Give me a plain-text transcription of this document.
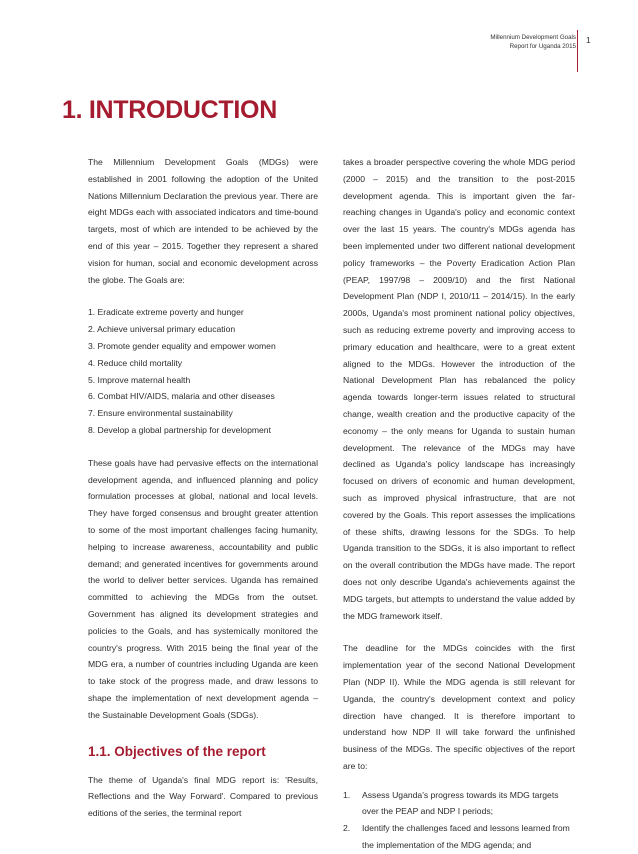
Millennium Development Goals
Report for Uganda 2015
1
1. INTRODUCTION

The Millennium Development Goals (MDGs) were established in 2001 following the adoption of the United Nations Millennium Declaration the previous year. There are eight MDGs each with associated indicators and time-bound targets, most of which are intended to be achieved by the end of this year – 2015. Together they represent a shared vision for human, social and economic development across the globe. The Goals are:

1. Eradicate extreme poverty and hunger
2. Achieve universal primary education
3. Promote gender equality and empower women
4. Reduce child mortality
5. Improve maternal health
6. Combat HIV/AIDS, malaria and other diseases
7. Ensure environmental sustainability
8. Develop a global partnership for development

These goals have had pervasive effects on the international development agenda, and influenced planning and policy formulation processes at global, national and local levels. They have forged consensus and brought greater attention to some of the most important challenges facing humanity, helping to increase awareness, accountability and public demand; and generated incentives for governments around the world to deliver better services. Uganda has remained committed to achieving the MDGs from the outset. Government has aligned its development strategies and policies to the Goals, and has systemically monitored the country's progress. With 2015 being the final year of the MDG era, a number of countries including Uganda are keen to take stock of the progress made, and draw lessons to shape the implementation of next development agenda – the Sustainable Development Goals (SDGs).

1.1. Objectives of the report

The theme of Uganda's final MDG report is: 'Results, Reflections and the Way Forward'. Compared to previous editions of the series, the terminal report

takes a broader perspective covering the whole MDG period (2000 – 2015) and the transition to the post-2015 development agenda. This is important given the far-reaching changes in Uganda's policy and economic context over the last 15 years. The country's MDGs agenda has been implemented under two different national development policy frameworks – the Poverty Eradication Action Plan (PEAP, 1997/98 – 2009/10) and the first National Development Plan (NDP I, 2010/11 – 2014/15). In the early 2000s, Uganda's most prominent national policy objectives, such as reducing extreme poverty and improving access to primary education and healthcare, were to a great extent aligned to the MDGs. However the introduction of the National Development Plan has rebalanced the policy agenda towards longer-term issues related to structural change, wealth creation and the productive capacity of the economy – the only means for Uganda to sustain human development. The relevance of the MDGs may have declined as Uganda's policy landscape has increasingly focused on drivers of economic and human development, such as improved physical infrastructure, that are not covered by the Goals. This report assesses the implications of these shifts, drawing lessons for the SDGs. To help Uganda transition to the SDGs, it is also important to reflect on the overall contribution the MDGs have made. The report does not only describe Uganda's achievements against the MDG targets, but attempts to understand the value added by the MDG framework itself.

The deadline for the MDGs coincides with the first implementation year of the second National Development Plan (NDP II). While the MDG agenda is still relevant for Uganda, the country's development context and policy direction have changed. It is therefore important to understand how NDP II will take forward the unfinished business of the MDGs. The specific objectives of the report are to:

1.	Assess Uganda's progress towards its MDG targets over the PEAP and NDP I periods;
2.	Identify the challenges faced and lessons learned from the implementation of the MDG agenda; and
